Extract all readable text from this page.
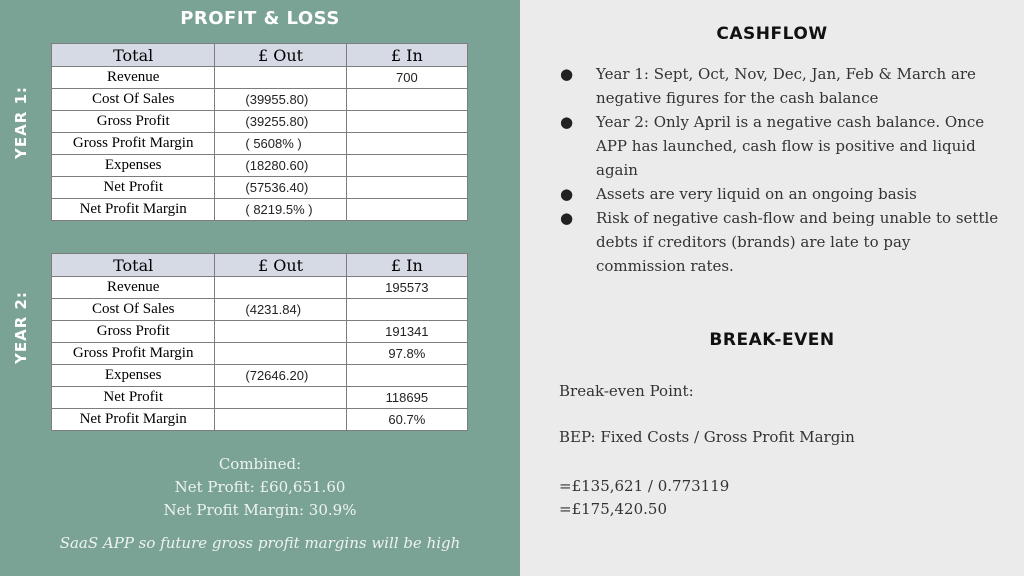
PROFIT & LOSS
YEAR 1:
YEAR 2:
Total	£ Out	£ In
Revenue		700
Cost Of Sales	(39955.80)	
Gross Profit	(39255.80)	
Gross Profit Margin	( 5608% )	
Expenses	(18280.60)	
Net Profit	(57536.40)	
Net Profit Margin	( 8219.5% )	
Total	£ Out	£ In
Revenue		195573
Cost Of Sales	(4231.84)	
Gross Profit		191341
Gross Profit Margin		97.8%
Expenses	(72646.20)	
Net Profit		118695
Net Profit Margin		60.7%
Combined:
Net Profit: £60,651.60
Net Profit Margin: 30.9%
SaaS APP so future gross profit margins will be high
CASHFLOW
● Year 1: Sept, Oct, Nov, Dec, Jan, Feb & March are negative figures for the cash balance
● Year 2: Only April is a negative cash balance. Once APP has launched, cash flow is positive and liquid again
● Assets are very liquid on an ongoing basis
● Risk of negative cash-flow and being unable to settle debts if creditors (brands) are late to pay commission rates.
BREAK-EVEN
Break-even Point:
BEP: Fixed Costs / Gross Profit Margin
=£135,621 / 0.773119
=£175,420.50
